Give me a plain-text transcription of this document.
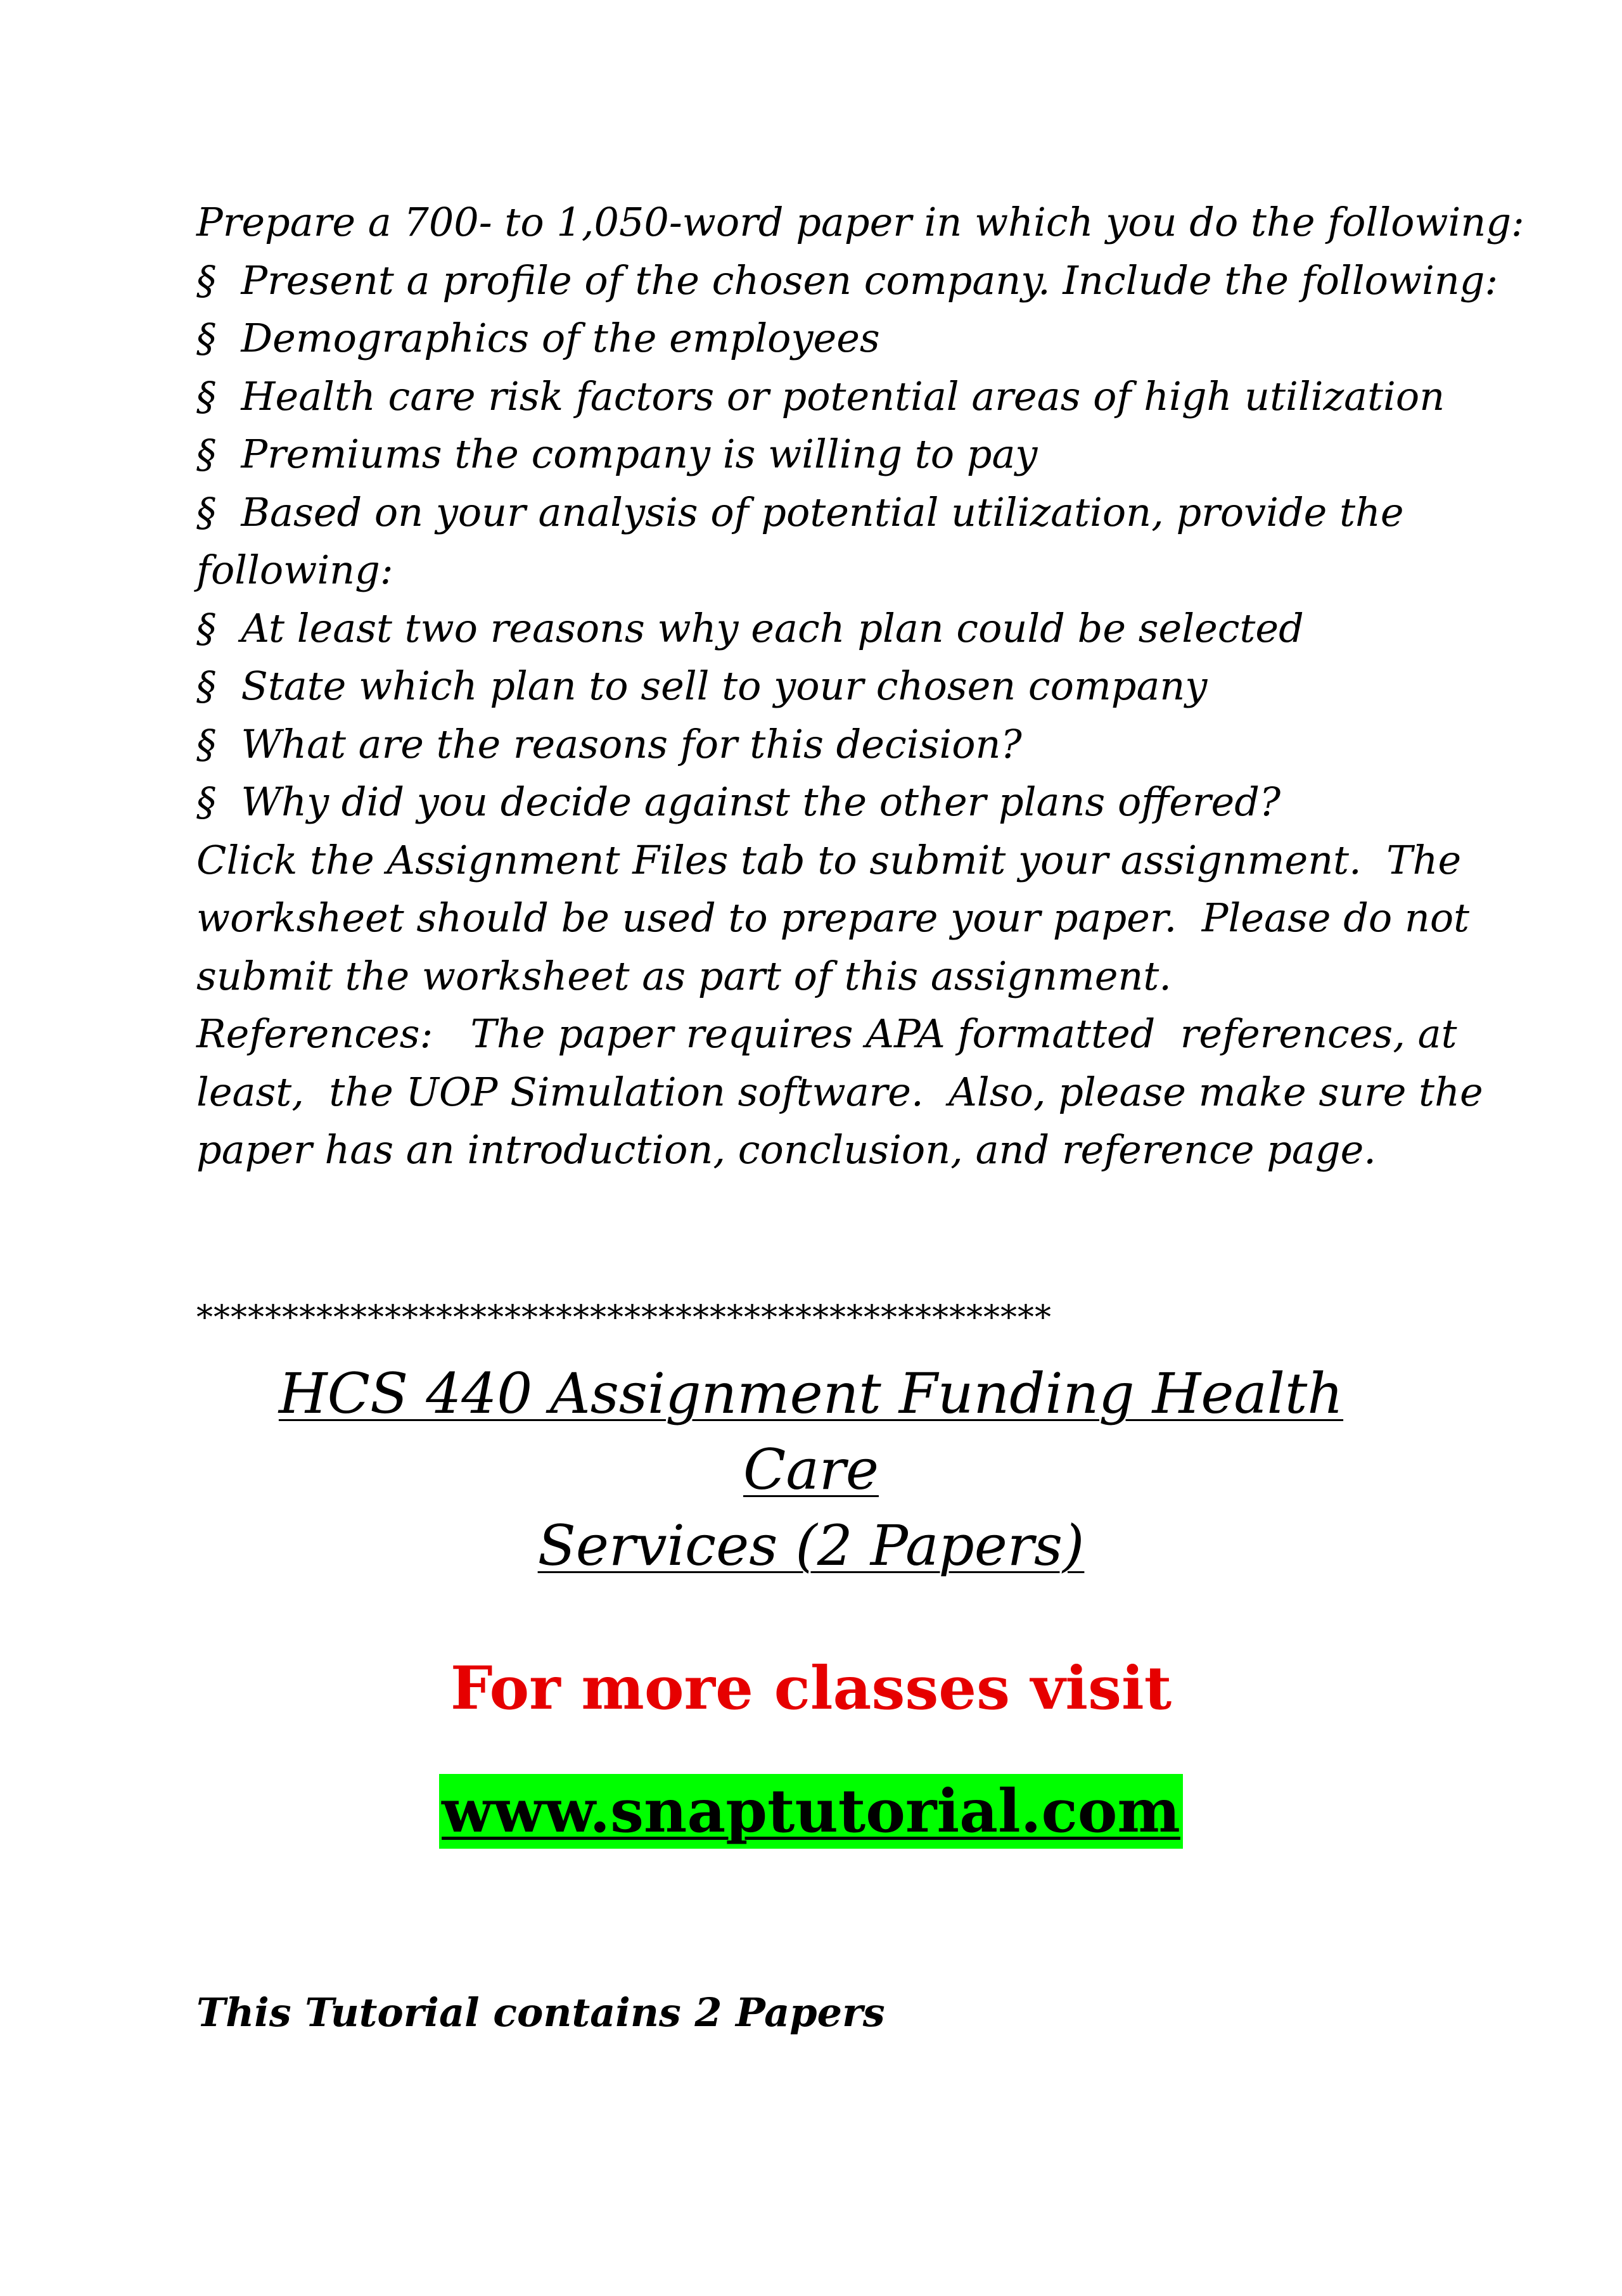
Prepare a 700- to 1,050-word paper in which you do the following:
§  Present a profile of the chosen company. Include the following:
§  Demographics of the employees
§  Health care risk factors or potential areas of high utilization
§  Premiums the company is willing to pay
§  Based on your analysis of potential utilization, provide the
following:
§  At least two reasons why each plan could be selected
§  State which plan to sell to your chosen company
§  What are the reasons for this decision?
§  Why did you decide against the other plans offered?
Click the Assignment Files tab to submit your assignment.  The
worksheet should be used to prepare your paper.  Please do not
submit the worksheet as part of this assignment.
References:   The paper requires APA formatted  references, at
least,  the UOP Simulation software.  Also, please make sure the
paper has an introduction, conclusion, and reference page.
**************************************************
HCS 440 Assignment Funding Health Care
Services (2 Papers)
For more classes visit
www.snaptutorial.com
This Tutorial contains 2 Papers
